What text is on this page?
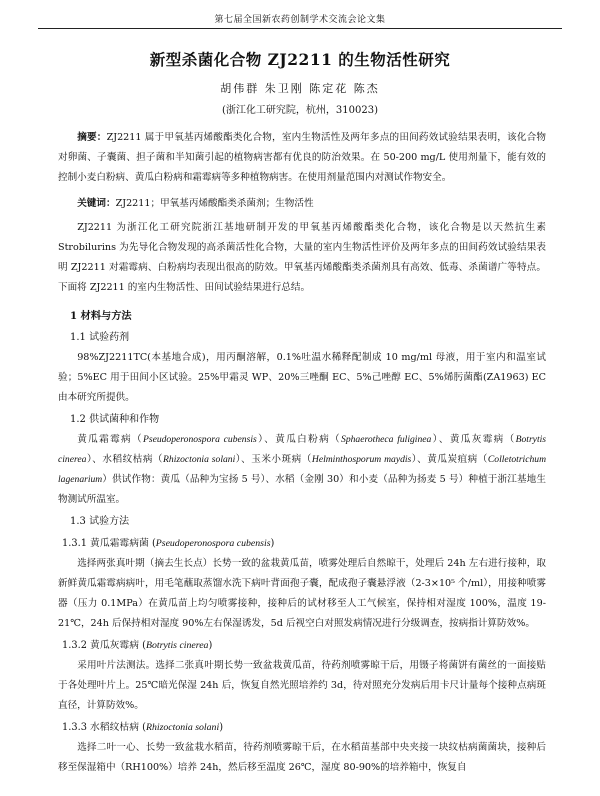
第七届全国新农药创制学术交流会论文集
新型杀菌化合物 ZJ2211 的生物活性研究
胡伟群 朱卫刚 陈定花 陈杰
(浙江化工研究院，杭州，310023)

摘要：ZJ2211 属于甲氧基丙烯酸酯类化合物，室内生物活性及两年多点的田间药效试验结果表明，该化合物对卵菌、子囊菌、担子菌和半知菌引起的植物病害都有优良的防治效果。在 50-200 mg/L 使用剂量下，能有效的控制小麦白粉病、黄瓜白粉病和霜霉病等多种植物病害。在使用剂量范围内对测试作物安全。

关键词：ZJ2211；甲氧基丙烯酸酯类杀菌剂；生物活性

ZJ2211 为浙江化工研究院浙江基地研制开发的甲氧基丙烯酸酯类化合物，该化合物是以天然抗生素 Strobilurins 为先导化合物发现的高杀菌活性化合物，大量的室内生物活性评价及两年多点的田间药效试验结果表明 ZJ2211 对霜霉病、白粉病均表现出很高的防效。甲氧基丙烯酸酯类杀菌剂具有高效、低毒、杀菌谱广等特点。下面将 ZJ2211 的室内生物活性、田间试验结果进行总结。

1 材料与方法
1.1 试验药剂

98%ZJ2211TC(本基地合成)，用丙酮溶解，0.1%吐温水稀释配制成 10 mg/ml 母液，用于室内和温室试验；5%EC 用于田间小区试验。25%甲霜灵 WP、20%三唑酮 EC、5%己唑醇 EC、5%烯肟菌酯(ZA1963) EC 由本研究所提供。

1.2 供试菌种和作物

黄瓜霜霉病（Pseudoperonospora cubensis）、黄瓜白粉病（Sphaerotheca fuliginea）、黄瓜灰霉病（Botrytis cinerea）、水稻纹枯病（Rhizoctonia solani）、玉米小斑病（Helminthosporum maydis）、黄瓜炭疽病（Colletotrichum lagenarium）供试作物：黄瓜（品种为宝扬 5 号）、水稻（金刚 30）和小麦（品种为扬麦 5 号）种植于浙江基地生物测试所温室。

1.3 试验方法
1.3.1 黄瓜霜霉病菌 (Pseudoperonospora cubensis)

选择两张真叶期（摘去生长点）长势一致的盆栽黄瓜苗，喷雾处理后自然晾干，处理后 24h 左右进行接种，取新鲜黄瓜霜霉病病叶，用毛笔蘸取蒸馏水洗下病叶背面孢子囊，配成孢子囊悬浮液（2-3×10⁵ 个/ml），用接种喷雾器（压力 0.1MPa）在黄瓜苗上均匀喷雾接种，接种后的试材移至人工气候室，保持相对湿度 100%，温度 19-21℃，24h 后保持相对湿度 90%左右保湿诱发，5d 后视空白对照发病情况进行分级调查，按病指计算防效%。

1.3.2 黄瓜灰霉病 (Botrytis cinerea)

采用叶片法测法。选择二张真叶期长势一致盆栽黄瓜苗，待药剂喷雾晾干后，用镊子将菌饼有菌丝的一面接贴于各处理叶片上。25℃暗光保湿 24h 后，恢复自然光照培养约 3d，待对照充分发病后用卡尺计量每个接种点病斑直径，计算防效%。

1.3.3 水稻纹枯病 (Rhizoctonia solani)

选择二叶一心、长势一致盆栽水稻苗，待药剂喷雾晾干后，在水稻苗基部中央夹接一块纹枯病菌菌块，接种后移至保湿箱中（RH100%）培养 24h，然后移至温度 26℃，湿度 80-90%的培养箱中，恢复自
